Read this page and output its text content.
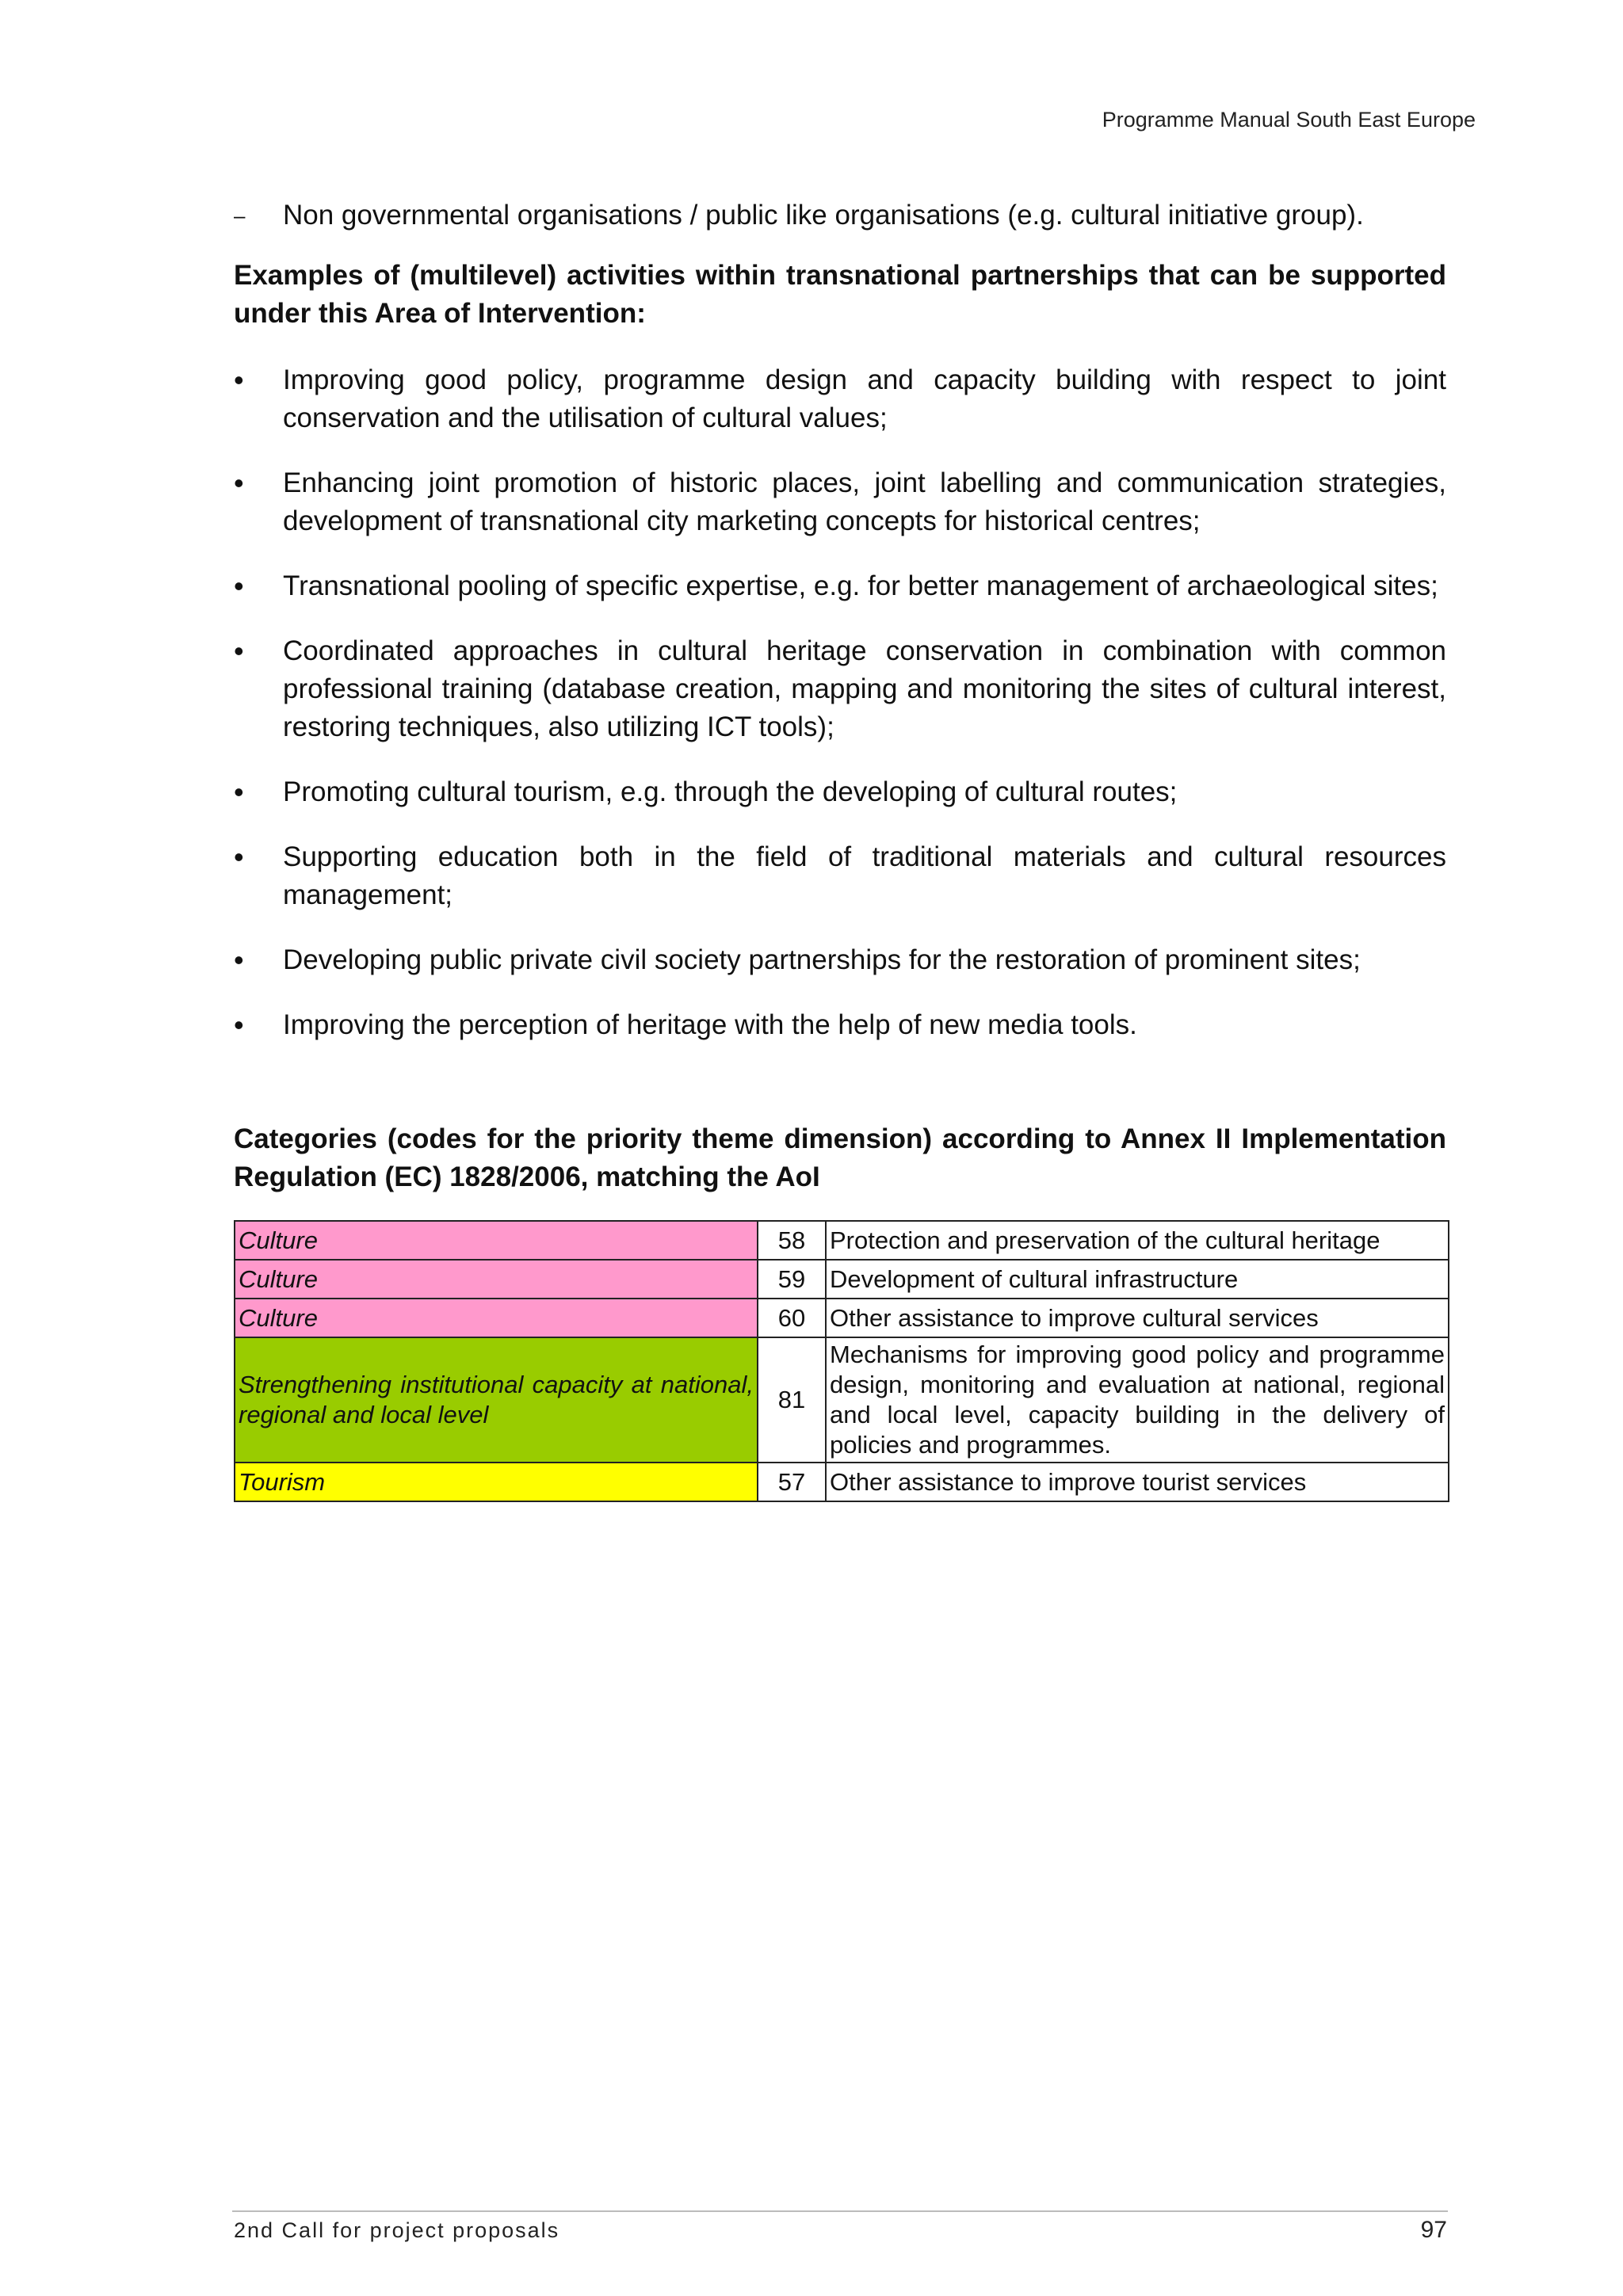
Programme Manual South East Europe
–	Non governmental organisations / public like organisations (e.g. cultural initiative group).

Examples of (multilevel) activities within transnational partnerships that can be supported under this Area of Intervention:

•	Improving good policy, programme design and capacity building with respect to joint conservation and the utilisation of cultural values;
•	Enhancing joint promotion of historic places, joint labelling and communication strategies, development of transnational city marketing concepts for historical centres;
•	Transnational pooling of specific expertise, e.g. for better management of archaeological sites;
•	Coordinated approaches in cultural heritage conservation in combination with common professional training (database creation, mapping and monitoring the sites of cultural interest, restoring techniques, also utilizing ICT tools);
•	Promoting cultural tourism, e.g. through the developing of cultural routes;
•	Supporting education both in the field of traditional materials and cultural resources management;
•	Developing public private civil society partnerships for the restoration of prominent sites;
•	Improving the perception of heritage with the help of new media tools.

Categories (codes for the priority theme dimension) according to Annex II Implementation Regulation (EC) 1828/2006, matching the AoI

Culture	58	Protection and preservation of the cultural heritage
Culture	59	Development of cultural infrastructure
Culture	60	Other assistance to improve cultural services
Strengthening institutional capacity at national, regional and local level	81	Mechanisms for improving good policy and programme design, monitoring and evaluation at national, regional and local level, capacity building in the delivery of policies and programmes.
Tourism	57	Other assistance to improve tourist services
2nd Call for project proposals	97
